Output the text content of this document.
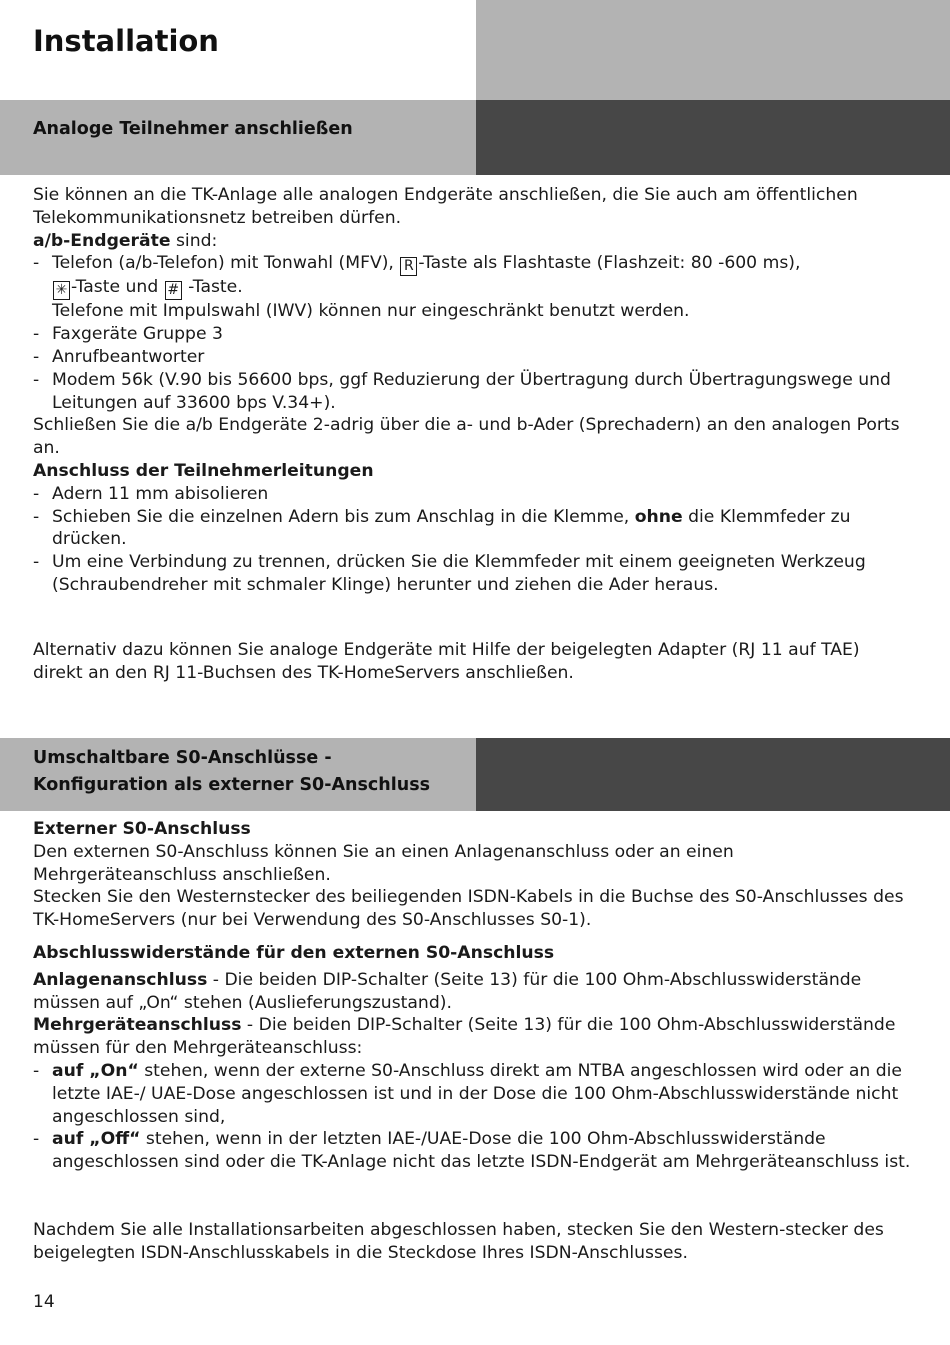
Installation
Analoge Teilnehmer anschließen

Sie können an die TK-Anlage alle analogen Endgeräte anschließen, die Sie auch am öffentlichen Telekommunikationsnetz betreiben dürfen.

a/b-Endgeräte sind:

- Telefon (a/b-Telefon) mit Tonwahl (MFV), R -Taste als Flashtaste (Flashzeit: 80 -600 ms),
✳ -Taste und # -Taste.
Telefone mit Impulswahl (IWV) können nur eingeschränkt benutzt werden.
- Faxgeräte Gruppe 3
- Anrufbeantworter
- Modem 56k (V.90 bis 56600 bps, ggf Reduzierung der Übertragung durch Übertragungswege und Leitungen auf 33600 bps V.34+).

Schließen Sie die a/b Endgeräte 2-adrig über die a- und b-Ader (Sprechadern) an den analogen Ports an.

Anschluss der Teilnehmerleitungen

- Adern 11 mm abisolieren
- Schieben Sie die einzelnen Adern bis zum Anschlag in die Klemme, ohne die Klemmfeder zu drücken.
- Um eine Verbindung zu trennen, drücken Sie die Klemmfeder mit einem geeigneten Werkzeug (Schraubendreher mit schmaler Klinge) herunter und ziehen die Ader heraus.

Alternativ dazu können Sie analoge Endgeräte mit Hilfe der beigelegten Adapter (RJ 11 auf TAE) direkt an den RJ 11-Buchsen des TK-HomeServers anschließen.

Umschaltbare S0-Anschlüsse -
Konfiguration als externer S0-Anschluss

Externer S0-Anschluss

Den externen S0-Anschluss können Sie an einen Anlagenanschluss oder an einen Mehrgeräteanschluss anschließen.

Stecken Sie den Westernstecker des beiliegenden ISDN-Kabels in die Buchse des S0-Anschlusses des TK-HomeServers (nur bei Verwendung des S0-Anschlusses S0-1).

Abschlusswiderstände für den externen S0-Anschluss

Anlagenanschluss - Die beiden DIP-Schalter (Seite 13) für die 100 Ohm-Abschlusswiderstände müssen auf „On“ stehen (Auslieferungszustand).

Mehrgeräteanschluss - Die beiden DIP-Schalter (Seite 13) für die 100 Ohm-Abschlusswiderstände müssen für den Mehrgeräteanschluss:

- auf „On“ stehen, wenn der externe S0-Anschluss direkt am NTBA angeschlossen wird oder an die letzte IAE-/ UAE-Dose angeschlossen ist und in der Dose die 100 Ohm-Abschlusswiderstände nicht angeschlossen sind,
- auf „Off“ stehen, wenn in der letzten IAE-/UAE-Dose die 100 Ohm-Abschlusswiderstände angeschlossen sind oder die TK-Anlage nicht das letzte ISDN-Endgerät am Mehrgeräteanschluss ist.

Nachdem Sie alle Installationsarbeiten abgeschlossen haben, stecken Sie den Western-stecker des beigelegten ISDN-Anschlusskabels in die Steckdose Ihres ISDN-Anschlusses.

14
